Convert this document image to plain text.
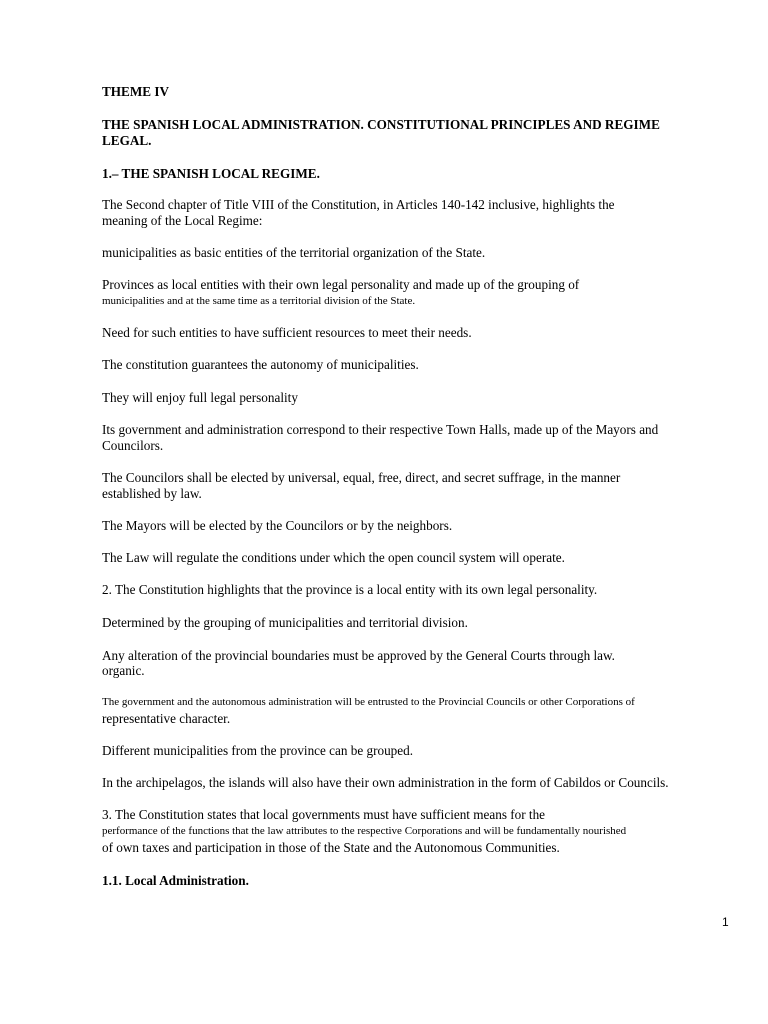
THEME IV

THE SPANISH LOCAL ADMINISTRATION. CONSTITUTIONAL PRINCIPLES AND REGIME

LEGAL.

1.– THE SPANISH LOCAL REGIME.

The Second chapter of Title VIII of the Constitution, in Articles 140-142 inclusive, highlights the

meaning of the Local Regime:

municipalities as basic entities of the territorial organization of the State.

Provinces as local entities with their own legal personality and made up of the grouping of

municipalities and at the same time as a territorial division of the State.

Need for such entities to have sufficient resources to meet their needs.

The constitution guarantees the autonomy of municipalities.

They will enjoy full legal personality

Its government and administration correspond to their respective Town Halls, made up of the Mayors and

Councilors.

The Councilors shall be elected by universal, equal, free, direct, and secret suffrage, in the manner

established by law.

The Mayors will be elected by the Councilors or by the neighbors.

The Law will regulate the conditions under which the open council system will operate.

2. The Constitution highlights that the province is a local entity with its own legal personality.

Determined by the grouping of municipalities and territorial division.

Any alteration of the provincial boundaries must be approved by the General Courts through law.

organic.

The government and the autonomous administration will be entrusted to the Provincial Councils or other Corporations of

representative character.

Different municipalities from the province can be grouped.

In the archipelagos, the islands will also have their own administration in the form of Cabildos or Councils.

3. The Constitution states that local governments must have sufficient means for the

performance of the functions that the law attributes to the respective Corporations and will be fundamentally nourished

of own taxes and participation in those of the State and the Autonomous Communities.

1.1. Local Administration.

1
